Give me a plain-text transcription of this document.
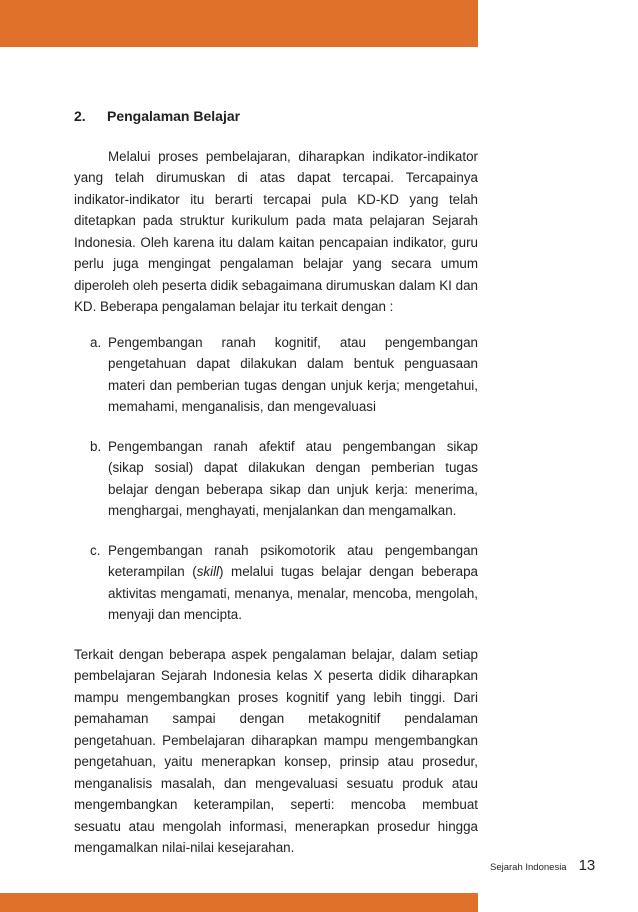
2.	Pengalaman Belajar

Melalui proses pembelajaran, diharapkan indikator-indikator yang telah dirumuskan di atas dapat tercapai. Tercapainya indikator-indikator itu berarti tercapai pula KD-KD yang telah ditetapkan pada struktur kurikulum pada mata pelajaran Sejarah Indonesia. Oleh karena itu dalam kaitan pencapaian indikator, guru perlu juga mengingat pengalaman belajar yang secara umum diperoleh oleh peserta didik sebagaimana dirumuskan dalam KI dan KD. Beberapa pengalaman belajar itu terkait dengan :

a. Pengembangan ranah kognitif, atau pengembangan pengetahuan dapat dilakukan dalam bentuk penguasaan materi dan pemberian tugas dengan unjuk kerja; mengetahui, memahami, menganalisis, dan mengevaluasi
b. Pengembangan ranah afektif atau pengembangan sikap (sikap sosial) dapat dilakukan dengan pemberian tugas belajar dengan beberapa sikap dan unjuk kerja: menerima, menghargai, menghayati, menjalankan dan mengamalkan.
c. Pengembangan ranah psikomotorik atau pengembangan keterampilan (skill) melalui tugas belajar dengan beberapa aktivitas mengamati, menanya, menalar, mencoba, mengolah, menyaji dan mencipta.

Terkait dengan beberapa aspek pengalaman belajar, dalam setiap pembelajaran Sejarah Indonesia kelas X peserta didik diharapkan mampu mengembangkan proses kognitif yang lebih tinggi. Dari pemahaman sampai dengan metakognitif pendalaman pengetahuan. Pembelajaran diharapkan mampu mengembangkan pengetahuan, yaitu menerapkan konsep, prinsip atau prosedur, menganalisis masalah, dan mengevaluasi sesuatu produk atau mengembangkan keterampilan, seperti: mencoba membuat sesuatu atau mengolah informasi, menerapkan prosedur hingga mengamalkan nilai-nilai kesejarahan.

Sejarah Indonesia 13
